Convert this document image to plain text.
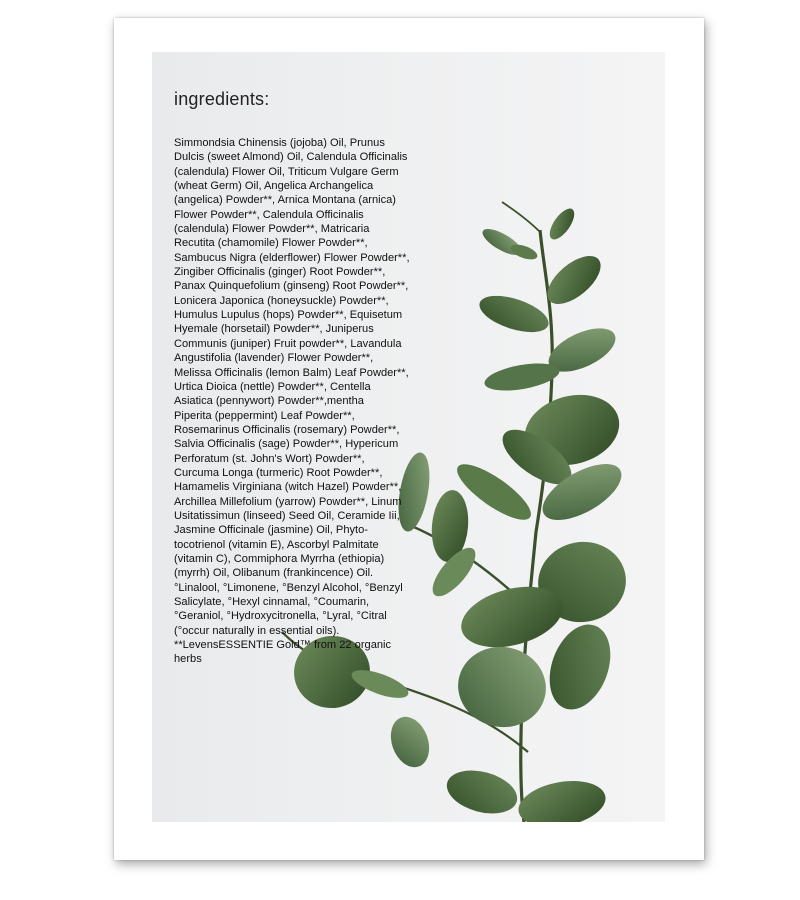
ingredients:
Simmondsia Chinensis (jojoba) Oil, Prunus
Dulcis (sweet Almond) Oil, Calendula Officinalis
(calendula) Flower Oil, Triticum Vulgare Germ
(wheat Germ) Oil, Angelica Archangelica
(angelica) Powder**, Arnica Montana (arnica)
Flower Powder**, Calendula Officinalis
(calendula) Flower Powder**, Matricaria
Recutita (chamomile) Flower Powder**,
Sambucus Nigra (elderflower) Flower Powder**,
Zingiber Officinalis (ginger) Root Powder**,
Panax Quinquefolium (ginseng) Root Powder**,
Lonicera Japonica (honeysuckle) Powder**,
Humulus Lupulus (hops) Powder**, Equisetum
Hyemale (horsetail) Powder**, Juniperus
Communis (juniper) Fruit powder**, Lavandula
Angustifolia (lavender) Flower Powder**,
Melissa Officinalis (lemon Balm) Leaf Powder**,
Urtica Dioica (nettle) Powder**, Centella
Asiatica (pennywort) Powder**,mentha
Piperita (peppermint) Leaf Powder**,
Rosemarinus Officinalis (rosemary) Powder**,
Salvia Officinalis (sage) Powder**, Hypericum
Perforatum (st. John's Wort) Powder**,
Curcuma Longa (turmeric) Root Powder**,
Hamamelis Virginiana (witch Hazel) Powder**,
Archillea Millefolium (yarrow) Powder**, Linum
Usitatissimun (linseed) Seed Oil, Ceramide Iii,
Jasmine Officinale (jasmine) Oil, Phyto-
tocotrienol (vitamin E), Ascorbyl Palmitate
(vitamin C), Commiphora Myrrha (ethiopia)
(myrrh) Oil, Olibanum (frankincence) Oil.
°Linalool, °Limonene, °Benzyl Alcohol, °Benzyl
Salicylate, °Hexyl cinnamal, °Coumarin,
°Geraniol, °Hydroxycitronella, °Lyral, °Citral
(°occur naturally in essential oils).
**LevensESSENTIE Gold™ from 22 organic
herbs
